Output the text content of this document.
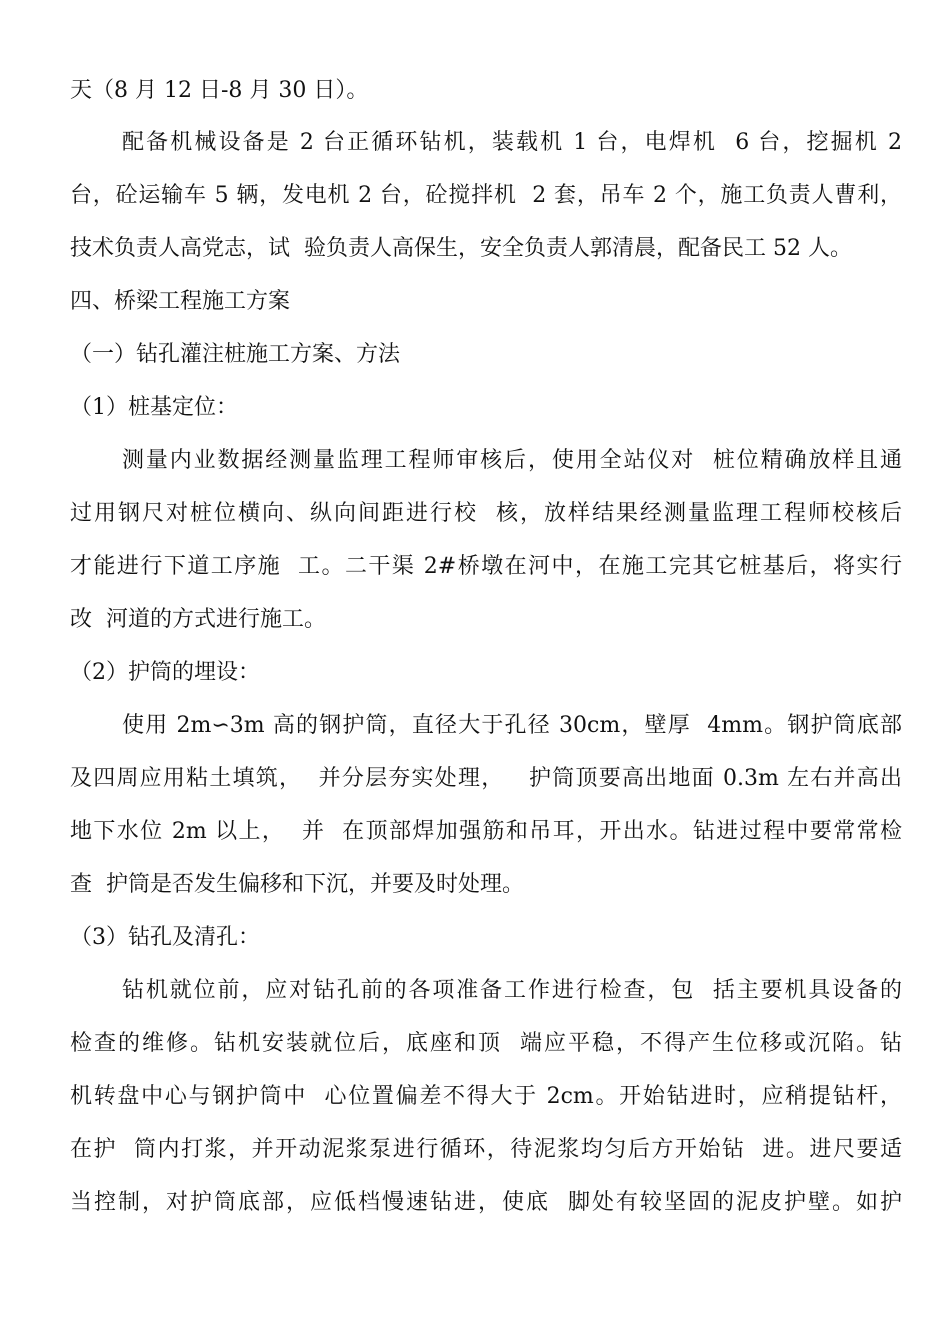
天（8 月 12 日-8 月 30 日）。
配备机械设备是 2 台正循环钻机，装载机 1 台，电焊机  6 台，挖掘机 2
台，砼运输车 5 辆，发电机 2 台，砼搅拌机  2 套，吊车 2 个，施工负责人曹利，
技术负责人高党志，试  验负责人高保生，安全负责人郭清晨，配备民工 52 人。
四、桥梁工程施工方案
（一）钻孔灌注桩施工方案、方法
（1）桩基定位：
测量内业数据经测量监理工程师审核后，使用全站仪对  桩位精确放样且通
过用钢尺对桩位横向、纵向间距进行校  核，放样结果经测量监理工程师校核后
才能进行下道工序施  工。二干渠 2#桥墩在河中，在施工完其它桩基后，将实行
改  河道的方式进行施工。
（2）护筒的埋设：
使用 2m∽3m 高的钢护筒，直径大于孔径 30cm，壁厚  4mm。钢护筒底部
及四周应用粘土填筑，  并分层夯实处理，   护筒顶要高出地面 0.3m 左右并高出
地下水位 2m 以上，  并  在顶部焊加强筋和吊耳，开出水。钻进过程中要常常检
查  护筒是否发生偏移和下沉，并要及时处理。
（3）钻孔及清孔：
钻机就位前，应对钻孔前的各项准备工作进行检查，包  括主要机具设备的
检查的维修。钻机安装就位后，底座和顶  端应平稳，不得产生位移或沉陷。钻
机转盘中心与钢护筒中  心位置偏差不得大于 2cm。开始钻进时，应稍提钻杆，
在护  筒内打浆，并开动泥浆泵进行循环，待泥浆均匀后方开始钻  进。进尺要适
当控制，对护筒底部，应低档慢速钻进，使底  脚处有较坚固的泥皮护壁。如护
